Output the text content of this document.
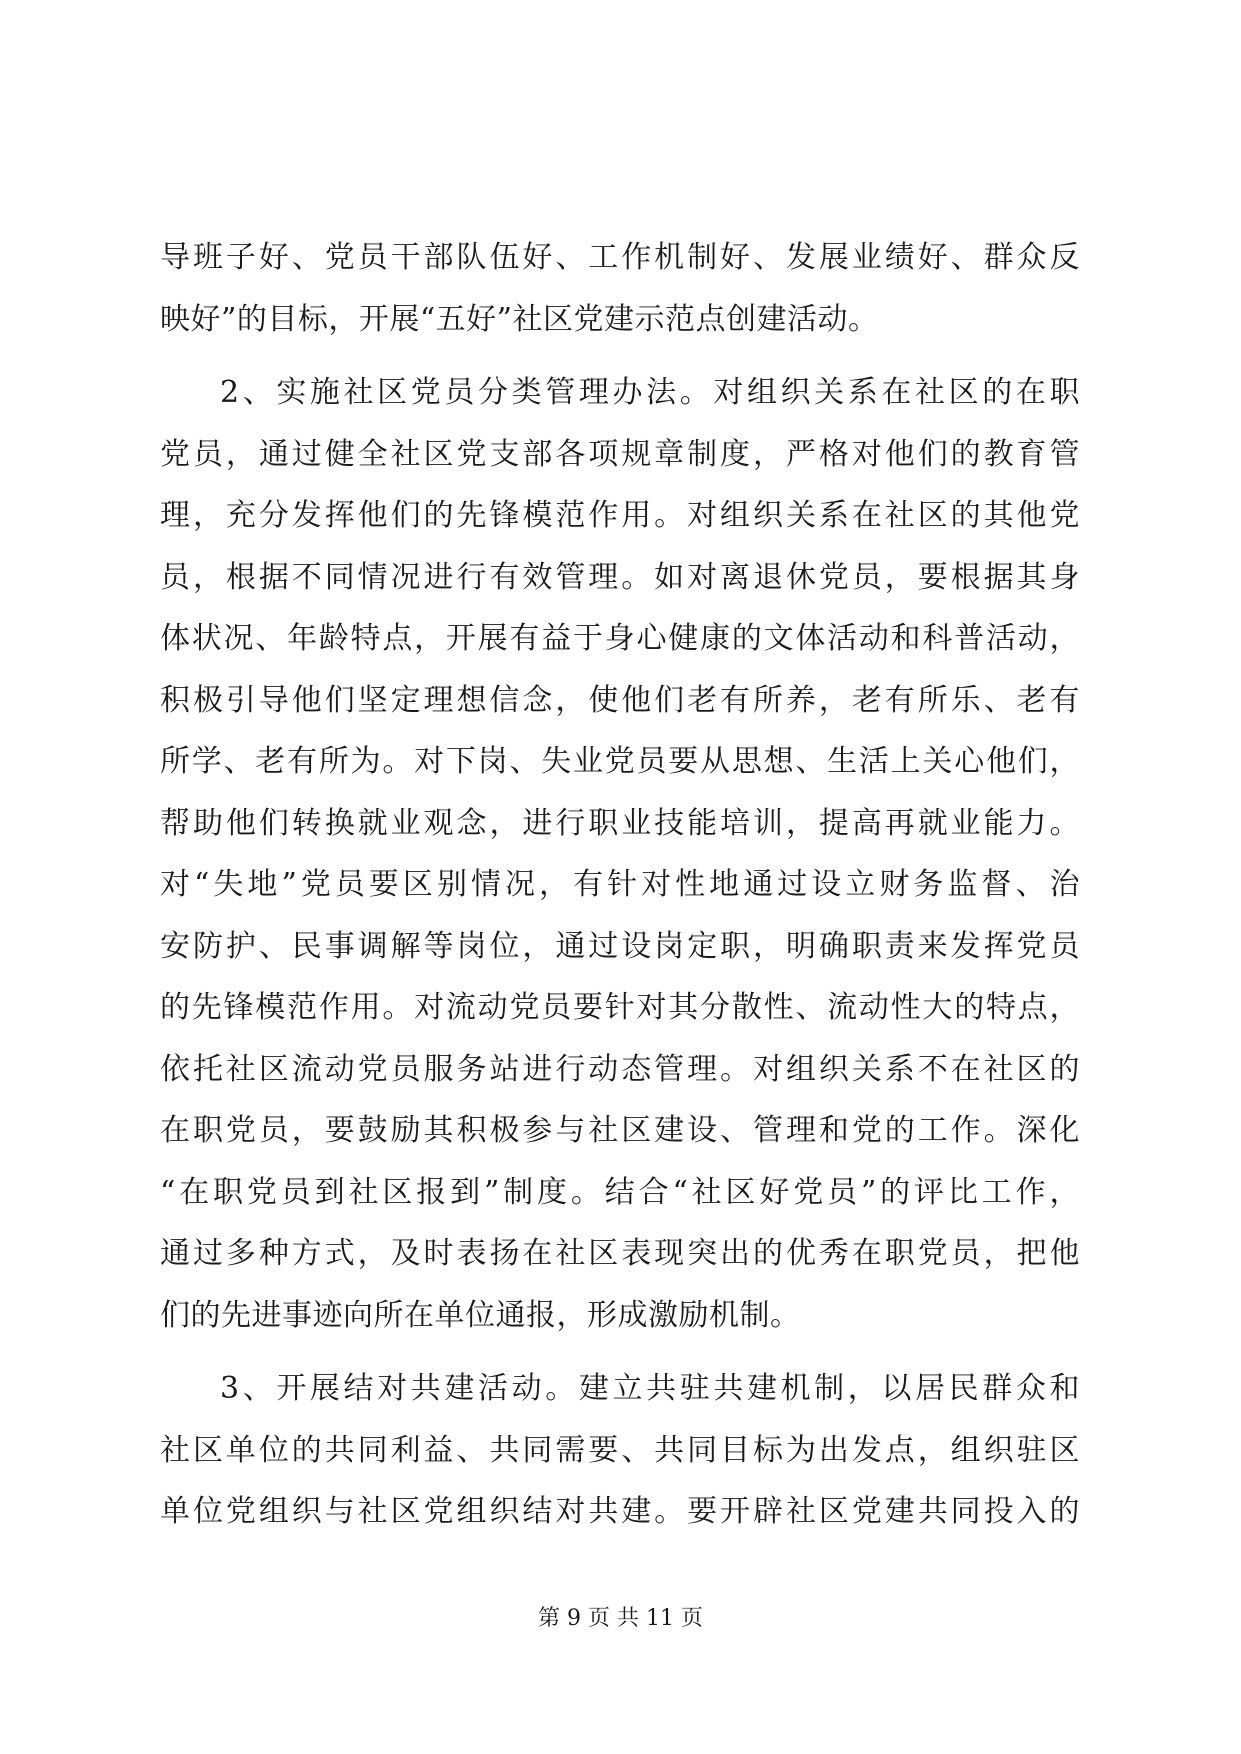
导班子好、党员干部队伍好、工作机制好、发展业绩好、群众反
映好”的目标，开展“五好”社区党建示范点创建活动。
2、实施社区党员分类管理办法。对组织关系在社区的在职
党员，通过健全社区党支部各项规章制度，严格对他们的教育管
理，充分发挥他们的先锋模范作用。对组织关系在社区的其他党
员，根据不同情况进行有效管理。如对离退休党员，要根据其身
体状况、年龄特点，开展有益于身心健康的文体活动和科普活动，
积极引导他们坚定理想信念，使他们老有所养，老有所乐、老有
所学、老有所为。对下岗、失业党员要从思想、生活上关心他们，
帮助他们转换就业观念，进行职业技能培训，提高再就业能力。
对“失地”党员要区别情况，有针对性地通过设立财务监督、治
安防护、民事调解等岗位，通过设岗定职，明确职责来发挥党员
的先锋模范作用。对流动党员要针对其分散性、流动性大的特点，
依托社区流动党员服务站进行动态管理。对组织关系不在社区的
在职党员，要鼓励其积极参与社区建设、管理和党的工作。深化
“在职党员到社区报到”制度。结合“社区好党员”的评比工作，
通过多种方式，及时表扬在社区表现突出的优秀在职党员，把他
们的先进事迹向所在单位通报，形成激励机制。
3、开展结对共建活动。建立共驻共建机制，以居民群众和
社区单位的共同利益、共同需要、共同目标为出发点，组织驻区
单位党组织与社区党组织结对共建。要开辟社区党建共同投入的
第 9 页 共 11 页
